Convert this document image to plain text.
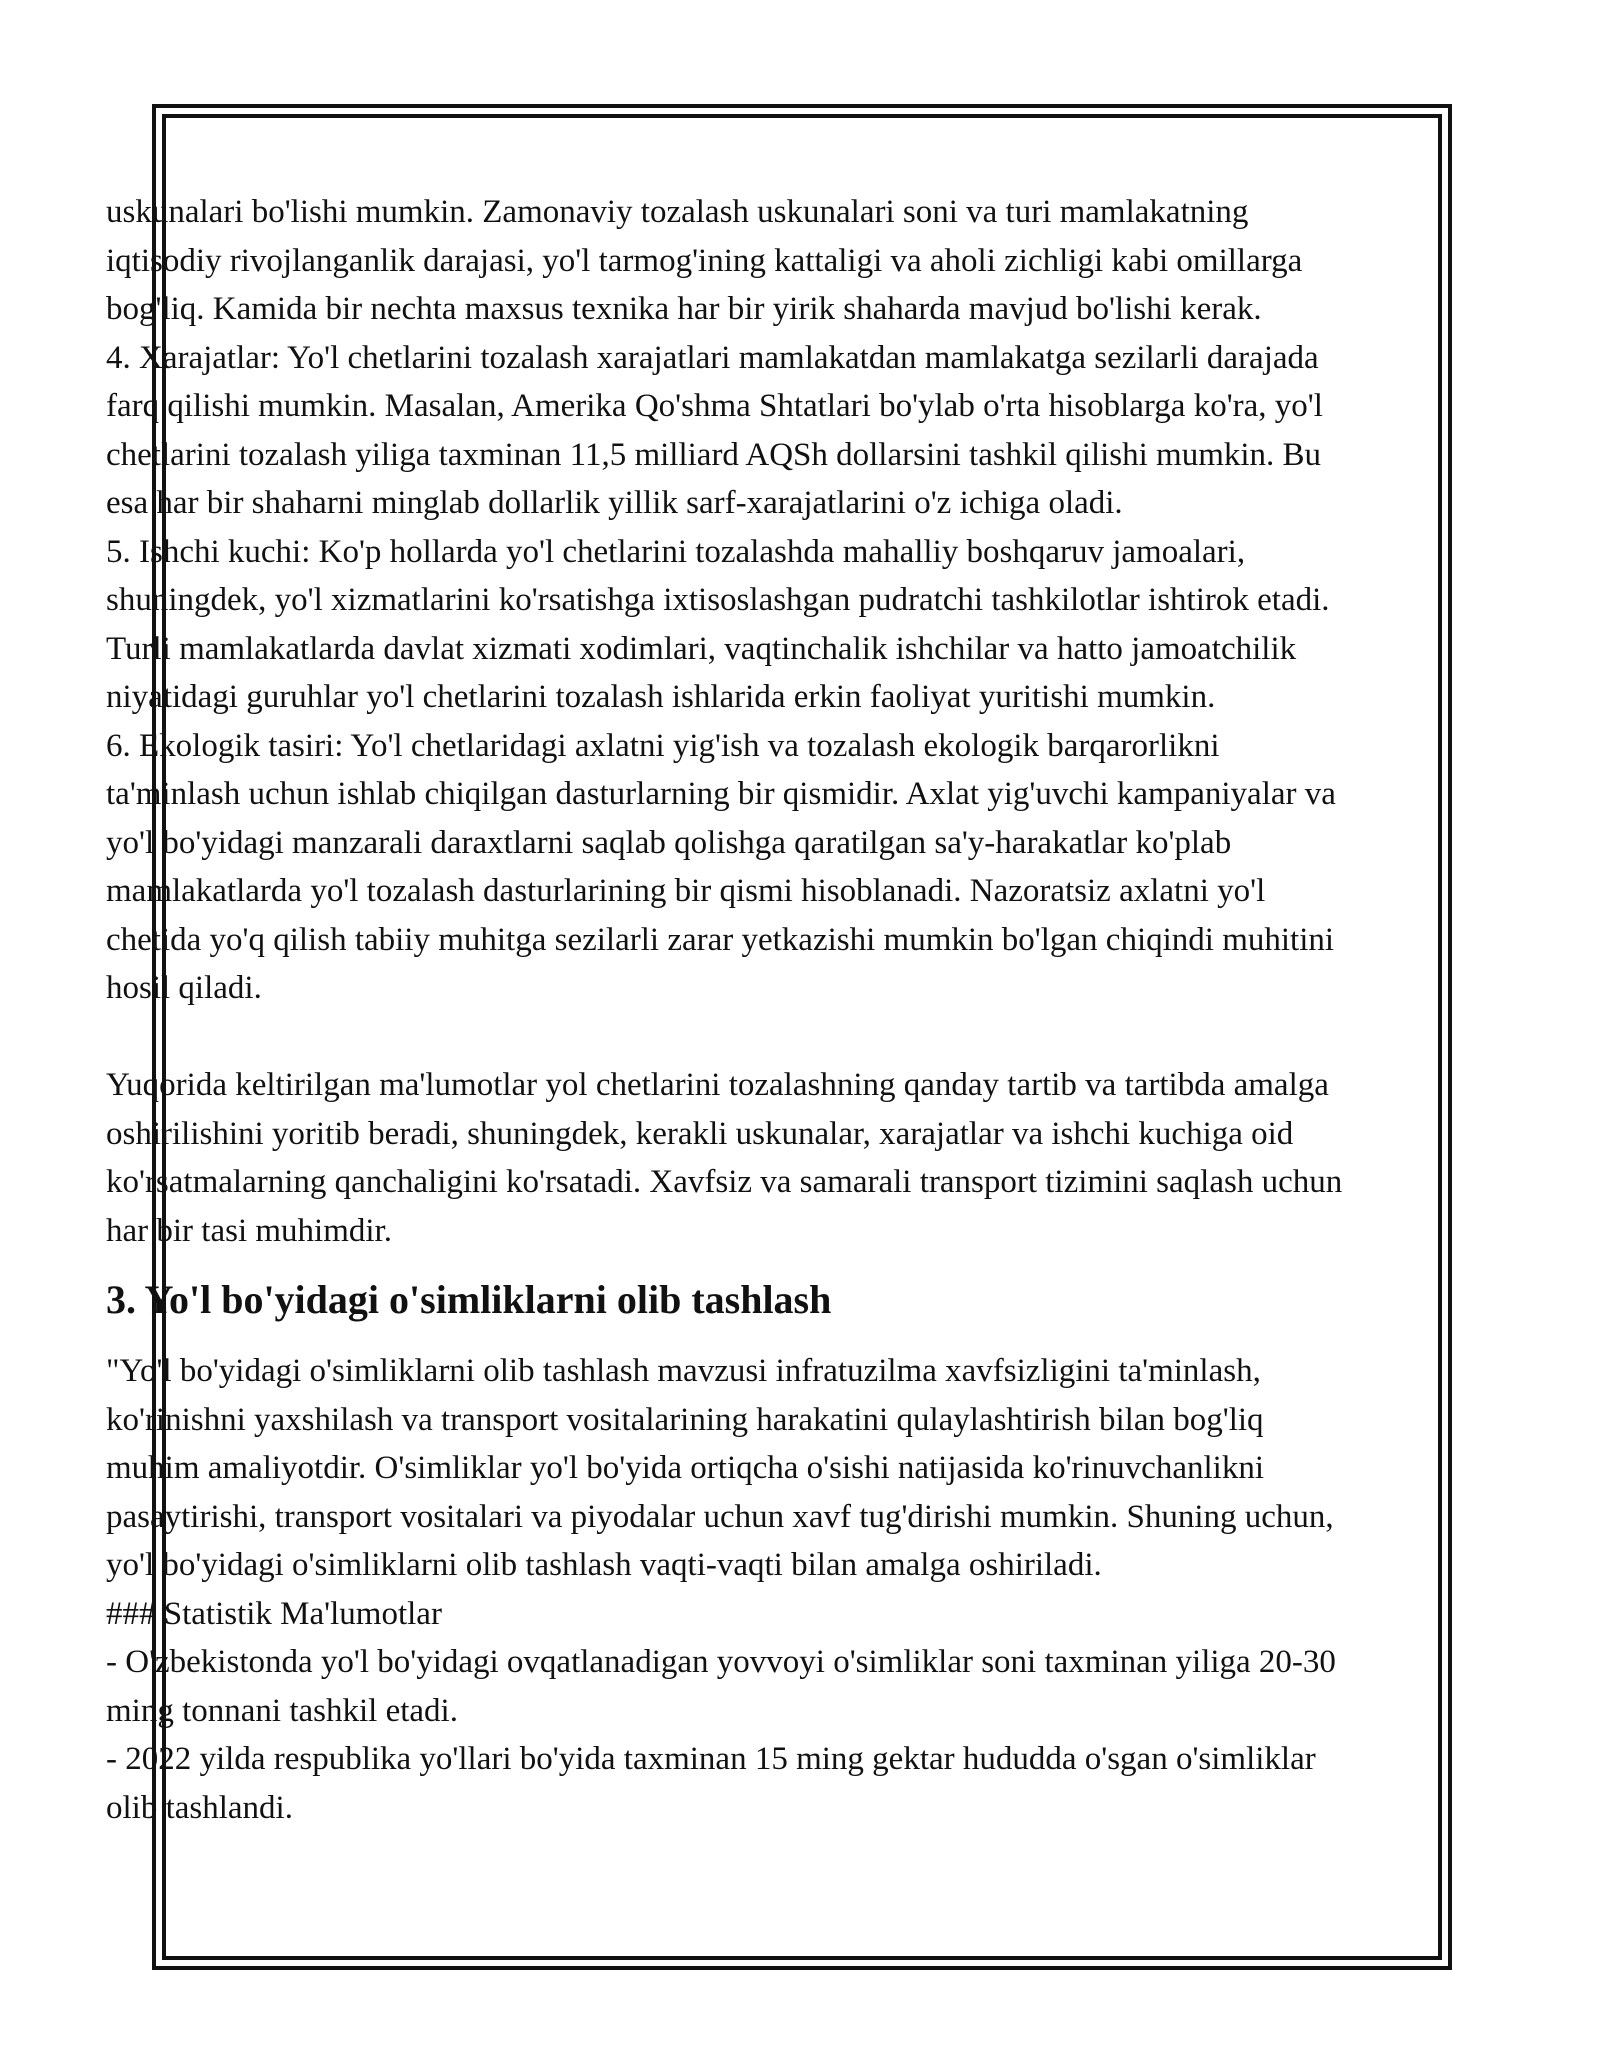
uskunalari bo'lishi mumkin. Zamonaviy tozalash uskunalari soni va turi mamlakatning
iqtisodiy rivojlanganlik darajasi, yo'l tarmog'ining kattaligi va aholi zichligi kabi omillarga
bog'liq. Kamida bir nechta maxsus texnika har bir yirik shaharda mavjud bo'lishi kerak.
4. Xarajatlar: Yo'l chetlarini tozalash xarajatlari mamlakatdan mamlakatga sezilarli darajada
farq qilishi mumkin. Masalan, Amerika Qo'shma Shtatlari bo'ylab o'rta hisoblarga ko'ra, yo'l
chetlarini tozalash yiliga taxminan 11,5 milliard AQSh dollarsini tashkil qilishi mumkin. Bu
esa har bir shaharni minglab dollarlik yillik sarf-xarajatlarini o'z ichiga oladi.
5. Ishchi kuchi: Ko'p hollarda yo'l chetlarini tozalashda mahalliy boshqaruv jamoalari,
shuningdek, yo'l xizmatlarini ko'rsatishga ixtisoslashgan pudratchi tashkilotlar ishtirok etadi.
Turli mamlakatlarda davlat xizmati xodimlari, vaqtinchalik ishchilar va hatto jamoatchilik
niyatidagi guruhlar yo'l chetlarini tozalash ishlarida erkin faoliyat yuritishi mumkin.
6. Ekologik tasiri: Yo'l chetlaridagi axlatni yig'ish va tozalash ekologik barqarorlikni
ta'minlash uchun ishlab chiqilgan dasturlarning bir qismidir. Axlat yig'uvchi kampaniyalar va
yo'l bo'yidagi manzarali daraxtlarni saqlab qolishga qaratilgan sa'y-harakatlar ko'plab
mamlakatlarda yo'l tozalash dasturlarining bir qismi hisoblanadi. Nazoratsiz axlatni yo'l
chetida yo'q qilish tabiiy muhitga sezilarli zarar yetkazishi mumkin bo'lgan chiqindi muhitini
hosil qiladi.

Yuqorida keltirilgan ma'lumotlar yol chetlarini tozalashning qanday tartib va tartibda amalga
oshirilishini yoritib beradi, shuningdek, kerakli uskunalar, xarajatlar va ishchi kuchiga oid
ko'rsatmalarning qanchaligini ko'rsatadi. Xavfsiz va samarali transport tizimini saqlash uchun
har bir tasi muhimdir.

3. Yo'l bo'yidagi o'simliklarni olib tashlash

"Yo'l bo'yidagi o'simliklarni olib tashlash mavzusi infratuzilma xavfsizligini ta'minlash,
ko'rinishni yaxshilash va transport vositalarining harakatini qulaylashtirish bilan bog'liq
muhim amaliyotdir. O'simliklar yo'l bo'yida ortiqcha o'sishi natijasida ko'rinuvchanlikni
pasaytirishi, transport vositalari va piyodalar uchun xavf tug'dirishi mumkin. Shuning uchun,
yo'l bo'yidagi o'simliklarni olib tashlash vaqti-vaqti bilan amalga oshiriladi.
### Statistik Ma'lumotlar
- O'zbekistonda yo'l bo'yidagi ovqatlanadigan yovvoyi o'simliklar soni taxminan yiliga 20-30
ming tonnani tashkil etadi.
- 2022 yilda respublika yo'llari bo'yida taxminan 15 ming gektar hududda o'sgan o'simliklar
olib tashlandi.
